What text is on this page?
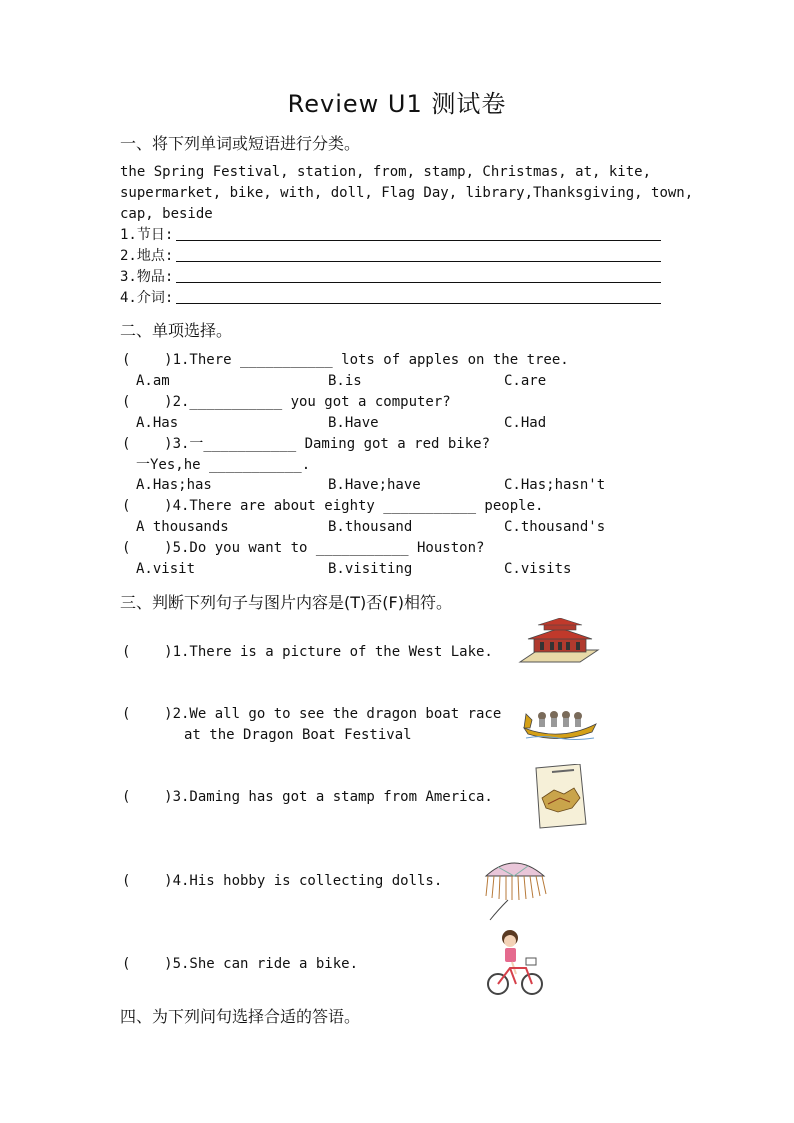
Review U1 测试卷
一、将下列单词或短语进行分类。
the Spring Festival, station, from, stamp, Christmas, at, kite,
supermarket, bike, with, doll, Flag Day, library,Thanksgiving, town,
cap, beside
1.节日:
2.地点:
3.物品:
4.介词:
二、单项选择。
(    )1.There ___________ lots of apples on the tree.
A.am	B.is	C.are
(    )2.___________ you got a computer?
A.Has	B.Have	C.Had
(    )3.一___________ Daming got a red bike?
一Yes,he ___________.
A.Has;has	B.Have;have	C.Has;hasn't
(    )4.There are about eighty ___________ people.
A thousands	B.thousand	C.thousand's
(    )5.Do you want to ___________ Houston?
A.visit	B.visiting	C.visits
三、判断下列句子与图片内容是(T)否(F)相符。
(    )1.There is a picture of the West Lake.
(    )2.We all go to see the dragon boat race
at the Dragon Boat Festival
(    )3.Daming has got a stamp from America.
(    )4.His hobby is collecting dolls.
(    )5.She can ride a bike.
四、为下列问句选择合适的答语。
